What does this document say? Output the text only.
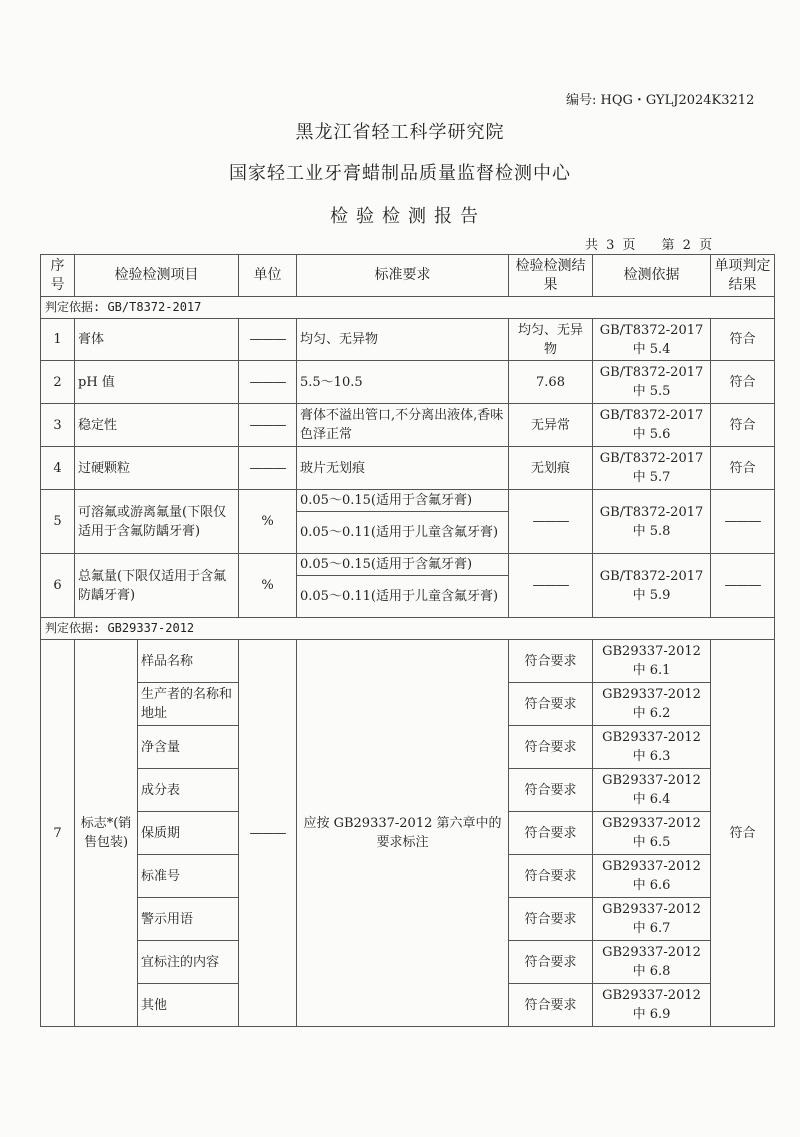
编号: HQG・GYLJ2024K3212
黑龙江省轻工科学研究院
国家轻工业牙膏蜡制品质量监督检测中心
检验检测报告
共 3 页　　第 2 页
序号	检验检测项目		单位	标准要求	检验检测结果	检测依据	单项判定结果
判定依据: GB/T8372-2017							
1	膏体		———	均匀、无异物	均匀、无异物	GB/T8372-2017 中 5.4	符合
2	pH 值		———	5.5～10.5	7.68	GB/T8372-2017 中 5.5	符合
3	稳定性		———	膏体不溢出管口,不分离出液体,香味色泽正常	无异常	GB/T8372-2017 中 5.6	符合
4	过硬颗粒		———	玻片无划痕	无划痕	GB/T8372-2017 中 5.7	符合
5	可溶氟或游离氟量(下限仅适用于含氟防龋牙膏)		%	0.05～0.15(适用于含氟牙膏)	———	GB/T8372-2017 中 5.8	———
				0.05～0.11(适用于儿童含氟牙膏)			
6	总氟量(下限仅适用于含氟防龋牙膏)		%	0.05～0.15(适用于含氟牙膏)	———	GB/T8372-2017 中 5.9	———
				0.05～0.11(适用于儿童含氟牙膏)			
判定依据: GB29337-2012							
7	标志*(销售包装)	样品名称	———	应按 GB29337-2012 第六章中的要求标注	符合要求	GB29337-2012 中 6.1	符合
		生产者的名称和地址			符合要求	GB29337-2012 中 6.2	
		净含量			符合要求	GB29337-2012 中 6.3	
		成分表			符合要求	GB29337-2012 中 6.4	
		保质期			符合要求	GB29337-2012 中 6.5	
		标准号			符合要求	GB29337-2012 中 6.6	
		警示用语			符合要求	GB29337-2012 中 6.7	
		宜标注的内容			符合要求	GB29337-2012 中 6.8	
		其他			符合要求	GB29337-2012 中 6.9	
